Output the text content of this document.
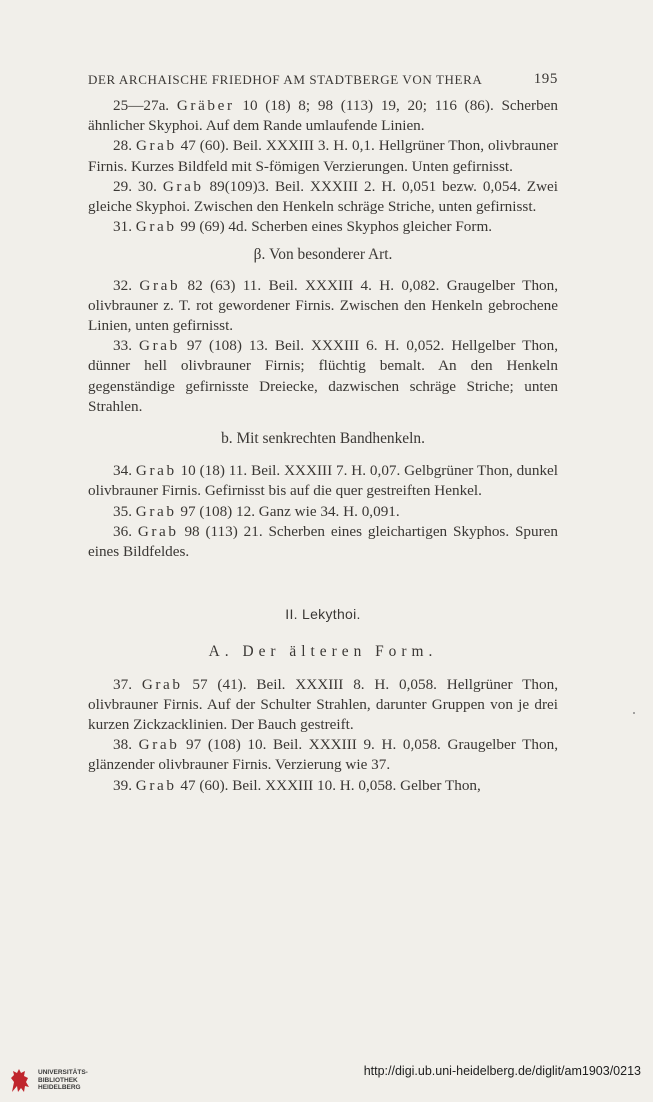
DER ARCHAISCHE FRIEDHOF AM STADTBERGE VON THERA	195

25—27a. Gräber 10 (18) 8; 98 (113) 19, 20; 116 (86). Scherben ähnlicher Skyphoi. Auf dem Rande umlaufende Linien.

28. Grab 47 (60). Beil. XXXIII 3. H. 0,1. Hellgrüner Thon, olivbrauner Firnis. Kurzes Bildfeld mit S-fömigen Verzierungen. Unten gefirnisst.

29. 30. Grab 89(109)3. Beil. XXXIII 2. H. 0,051 bezw. 0,054. Zwei gleiche Skyphoi. Zwischen den Henkeln schräge Striche, unten gefirnisst.

31. Grab 99 (69) 4d. Scherben eines Skyphos gleicher Form.

β. Von besonderer Art.

32. Grab 82 (63) 11. Beil. XXXIII 4. H. 0,082. Graugelber Thon, olivbrauner z. T. rot gewordener Firnis. Zwischen den Henkeln gebrochene Linien, unten gefirnisst.

33. Grab 97 (108) 13. Beil. XXXIII 6. H. 0,052. Hellgelber Thon, dünner hell olivbrauner Firnis; flüchtig bemalt. An den Henkeln gegenständige gefirnisste Dreiecke, dazwischen schräge Striche; unten Strahlen.

b. Mit senkrechten Bandhenkeln.

34. Grab 10 (18) 11. Beil. XXXIII 7. H. 0,07. Gelbgrüner Thon, dunkel olivbrauner Firnis. Gefirnisst bis auf die quer gestreiften Henkel.

35. Grab 97 (108) 12. Ganz wie 34. H. 0,091.

36. Grab 98 (113) 21. Scherben eines gleichartigen Skyphos. Spuren eines Bildfeldes.

II. Lekythoi.
A. Der älteren Form.

37. Grab 57 (41). Beil. XXXIII 8. H. 0,058. Hellgrüner Thon, olivbrauner Firnis. Auf der Schulter Strahlen, darunter Gruppen von je drei kurzen Zickzacklinien. Der Bauch gestreift.

38. Grab 97 (108) 10. Beil. XXXIII 9. H. 0,058. Graugelber Thon, glänzender olivbrauner Firnis. Verzierung wie 37.

39. Grab 47 (60). Beil. XXXIII 10. H. 0,058. Gelber Thon,

UNIVERSITÄTS-
BIBLIOTHEK
HEIDELBERG
http://digi.ub.uni-heidelberg.de/diglit/am1903/0213
